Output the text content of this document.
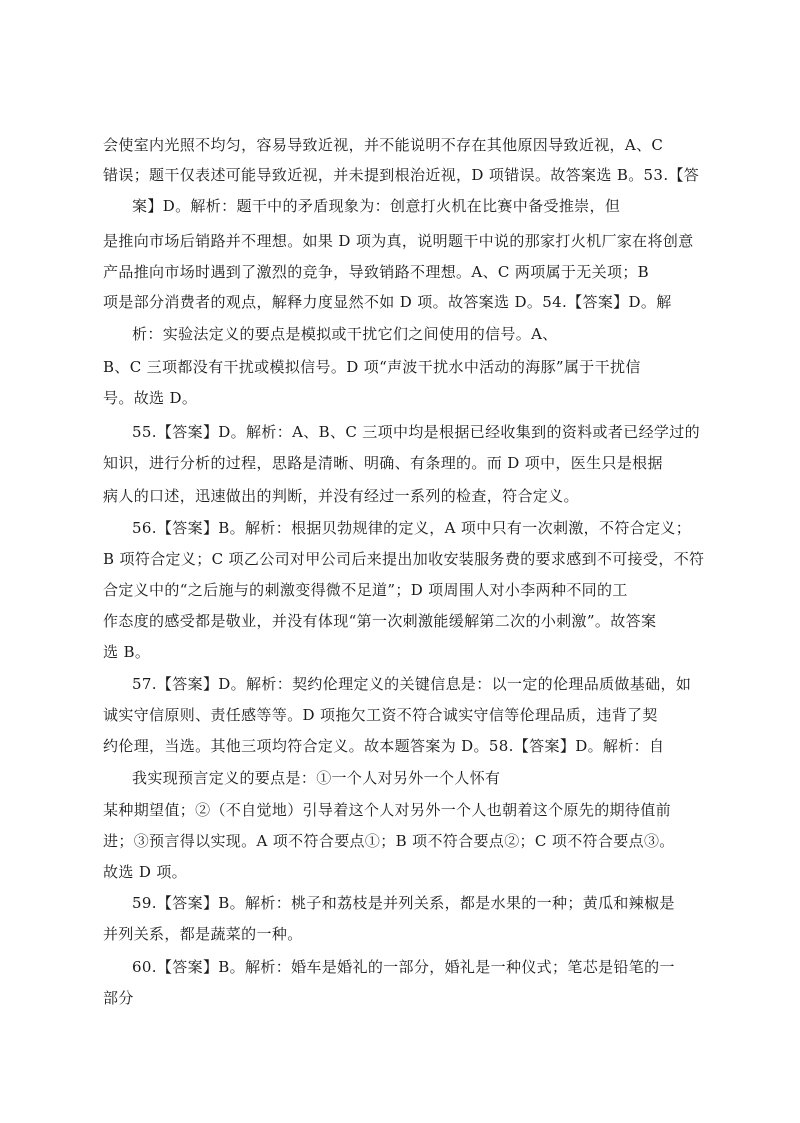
会使室内光照不均匀，容易导致近视，并不能说明不存在其他原因导致近视，A、C
错误；题干仅表述可能导致近视，并未提到根治近视，D 项错误。故答案选 B。53.【答
案】D。解析：题干中的矛盾现象为：创意打火机在比赛中备受推崇，但
是推向市场后销路并不理想。如果 D 项为真，说明题干中说的那家打火机厂家在将创意
产品推向市场时遇到了激烈的竞争，导致销路不理想。A、C 两项属于无关项；B
项是部分消费者的观点，解释力度显然不如 D 项。故答案选 D。54.【答案】D。解
析：实验法定义的要点是模拟或干扰它们之间使用的信号。A、
B、C 三项都没有干扰或模拟信号。D 项“声波干扰水中活动的海豚”属于干扰信
号。故选 D。
55.【答案】D。解析：A、B、C 三项中均是根据已经收集到的资料或者已经学过的
知识，进行分析的过程，思路是清晰、明确、有条理的。而 D 项中，医生只是根据
病人的口述，迅速做出的判断，并没有经过一系列的检查，符合定义。
56.【答案】B。解析：根据贝勃规律的定义，A 项中只有一次刺激，不符合定义；
B 项符合定义；C 项乙公司对甲公司后来提出加收安装服务费的要求感到不可接受，不符
合定义中的“之后施与的刺激变得微不足道”；D 项周围人对小李两种不同的工
作态度的感受都是敬业，并没有体现“第一次刺激能缓解第二次的小刺激”。故答案
选 B。
57.【答案】D。解析：契约伦理定义的关键信息是：以一定的伦理品质做基础，如
诚实守信原则、责任感等等。D 项拖欠工资不符合诚实守信等伦理品质，违背了契
约伦理，当选。其他三项均符合定义。故本题答案为 D。58.【答案】D。解析：自
我实现预言定义的要点是：①一个人对另外一个人怀有
某种期望值；②（不自觉地）引导着这个人对另外一个人也朝着这个原先的期待值前
进；③预言得以实现。A 项不符合要点①；B 项不符合要点②；C 项不符合要点③。
故选 D 项。
59.【答案】B。解析：桃子和荔枝是并列关系，都是水果的一种；黄瓜和辣椒是
并列关系，都是蔬菜的一种。
60.【答案】B。解析：婚车是婚礼的一部分，婚礼是一种仪式；笔芯是铅笔的一
部分
